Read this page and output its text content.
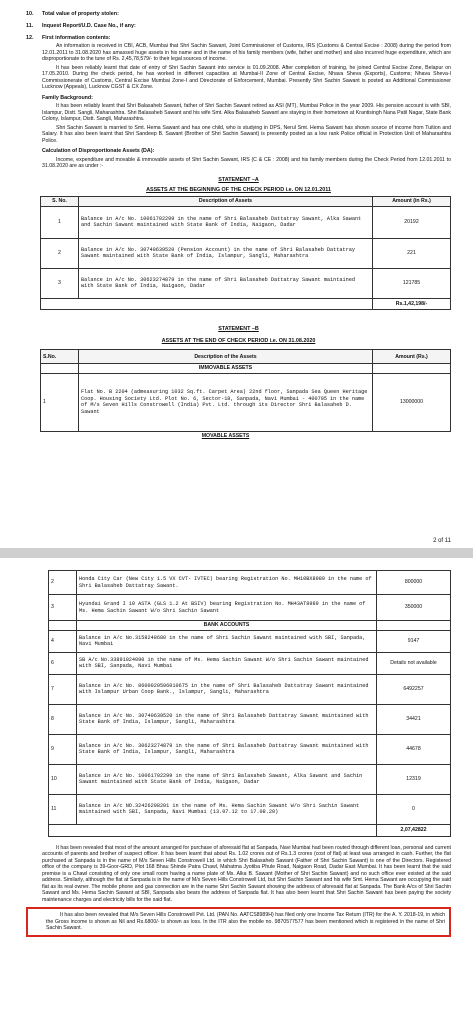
10. Total value of property stolen:
11. Inquest Report/U.D. Case No., if any:
12. First information contents:

An information is received in CBI, ACB, Mumbai that Shri Sachin Sawant, Joint Commissioner of Customs, IRS (Customs & Central Excise : 2008) during the period from 12.01.2011 to 31.08.2020 has amassed huge assets in his name and in the name of his family members (wife, father and mother) and also incurred huge expenditure, which are disproportionate to the tune of Rs. 2,45,78,579/- to their legal sources of income.

It has been reliably learnt that date of entry of Shri Sachin Sawant into service is 01.09.2008. After completion of training, he joined Central Excise Zone, Belapur on 17.05.2010. During the check period, he has worked in different capacities at Mumbai-II Zone of Central Excise, Nhava Sheva (Exports), Customs; Nhava Sheva-I Commissionerate of Customs, Central Excise Mumbai Zone-I and Directorate of Enforcement, Mumbai. Presently Shri Sachin Sawant is posted as Additional Commissioner Lucknow (Appeals), Lucknow CGST & CX Zone.

Family Background:

It has been reliably learnt that Shri Balasaheb Sawant, father of Shri Sachin Sawant retired as ASI (MT), Mumbai Police in the year 2009. His pension account is with SBI, Islampur, Distt. Sangli, Maharashtra. Shri Balasaheb Sawant and his wife Smt. Alka Balasaheb Sawant are staying in their hometown at Krantisingh Nana Patil Nagar, State Bank Colony, Islampur, Distt. Sangli, Maharashtra.

Shri Sachin Sawant is married to Smt. Hema Sawant and has one child, who is studying in DPS, Nerul Smt. Hema Sawant has shown source of income from Tuition and Salary. It has also been learnt that Shri Sandeep B. Sawant (Brother of Shri Sachin Sawant) is presently posted as a low rank Police official in Protection Unit of Maharashtra Police.

Calculation of Disproportionate Assets (DA):

Income, expenditure and movable & immovable assets of Shri Sachin Sawant, IRS (C & CE : 2008) and his family members during the Check Period from 12.01.2011 to 31.08.2020 are as under :-

STATEMENT –A
ASSETS AT THE BEGINNING OF THE CHECK PERIOD i.e. ON 12.01.2011
S. No.	Description of Assets	Amount (in Rs.)
1	Balance in A/c No. 10061702299 in the name of Shri Balasaheb Dattatray Sawant, Alka Sawant and Sachin Sawant maintained with State Bank of India, Naigaon, Dadar	20192
2	Balance in A/c No. 30740639520 (Pension Account) in the name of Shri Balasaheb Dattatray Sawant maintained with State Bank of India, Islampur, Sangli, Maharashtra	221
3	Balance in A/c No. 30623274879 in the name of Shri Balasaheb Dattatray Sawant maintained with State Bank of India, Naigaon, Dadar	121785
		Rs.1,42,198/-
STATEMENT –B
ASSETS AT THE END OF CHECK PERIOD i.e. ON 31.08.2020
S.No.	Description of the Assets	Amount (Rs.)
	IMMOVABLE ASSETS	
1	Flat No. B 2204 (admeasuring 1032 Sq.ft. Carpet Area) 22nd floor, Sanpada Sea Queen Heritage Coop. Housing Society Ltd. Plot No. 6, Sector-18, Sanpada, Navi Mumbai - 400705 in the name of M/s Seven Hills Constrowell (India) Pvt. Ltd. through its Director Shri Balasaheb D. Sawant	13000000
	MOVABLE ASSETS	
2 of 11
2	Honda City Car (New City 1.5 VX CVT- IVTEC) bearing Registration No. MH10BX8989 in the name of Shri Balasaheb Dattatray Sawant.	800000
3	Hyundai Grand I 10 ASTA (GLS 1.2 At BSIV) bearing Registration No. MH43AT8989 in the name of Ms. Hema Sachin Sawant W/o Shri Sachin Sawant	350000
	BANK ACCOUNTS	
4	Balance in A/c No.3158248680 in the name of Shri Sachin Sawant maintained with SBI, Sanpada, Navi Mumbai	9147
6	SB A/c No.33891024090 in the name of Ms. Hema Sachin Sawant W/o Shri Sachin Sawant maintained with SBI, Sanpada, Navi Mumbai	Details not available
7	Balance in A/c No. 8600020506010675 in the name of Shri Balasaheb Dattatray Sawant maintained with Islampur Urban Coop Bank., Islampur, Sangli, Maharashtra	6492257
8	Balance in A/c No. 30740639520 in the name of Shri Balasaheb Dattatray Sawant maintained with State Bank of India, Islampur, Sangli, Maharashtra	34421
9	Balance in A/c No. 30623274879 in the name of Shri Balasaheb Dattatray Sawant maintained with State Bank of India, Islampur, Sangli, Maharashtra	44678
10	Balance in A/c No. 10061702299 in the name of Shri Balasaheb Sawant, Alka Sawant and Sachin Sawant maintained with State Bank of India, Naigaon, Dadar	12319
11	Balance in A/c NO.32426298201 in the name of Ms. Hema Sachin Sawant W/o Shri Sachin Sawant maintained with SBI, Sanpada, Navi Mumbai (13.07.12 to 17.08.20)	0
		2,07,42822

It has been revealed that most of the amount arranged for purchase of aforesaid flat at Sanpada, Navi Mumbai had been routed through different loan, personal and current accounts of parents and brother of suspect officer. It has been learnt that about Rs. 1.02 crores out of Rs.1.3 crores (cost of flat) at least was arranged in cash. Further, the flat purchased at Sanpada is in the name of M/s Seven Hills Constrowell Ltd. in which Shri Balasaheb Sawant (Father of Shri Sachin Sawant) is one of the Directors. Registered office of the company is 39-Goor-GRD, Plot 168 Bhau Shinde Patra Chawl, Mahatma Jyotiba Phule Road, Naigaon Road, Dadar East Mumbai. It has been learnt that the said premise is a Chawl consisting of only one small room having a name plate of Ms. Alka B. Sawant (Mother of Shri Sachin Sawant) and no such office ever existed at the said address. Similarly, although the flat at Sanpada is in the name of M/s Seven Hills Constrowell Ltd, but Shri Sachin Sawant and his wife Smt. Hema Sawant are occupying the said flat as its real owner. The mobile phone and gas connection are in the name Shri Sachin Sawant showing the address of aforesaid flat at Sanpada. The Bank A/cs of Shri Sachin Sawant and Ms. Hema Sachin Sawant at SBI, Sanpada also bears the address of Sanpada flat. It has also been learnt that Shri Sachin Sawant has been paying the society maintenance charges and electricity bills for the said flat.

It has also been revealed that M/s Seven Hills Constrowell Pvt. Ltd. (PAN No. AATCS8989H) has filed only one Income Tax Return (ITR) for the A. Y. 2018-19, in which the Gross income is shown as Nil and Rs.6800/- is shown as loss. In the ITR also the mobile no. 9870577577 has been mentioned which is registered in the name of Shri Sachin Sawant.
